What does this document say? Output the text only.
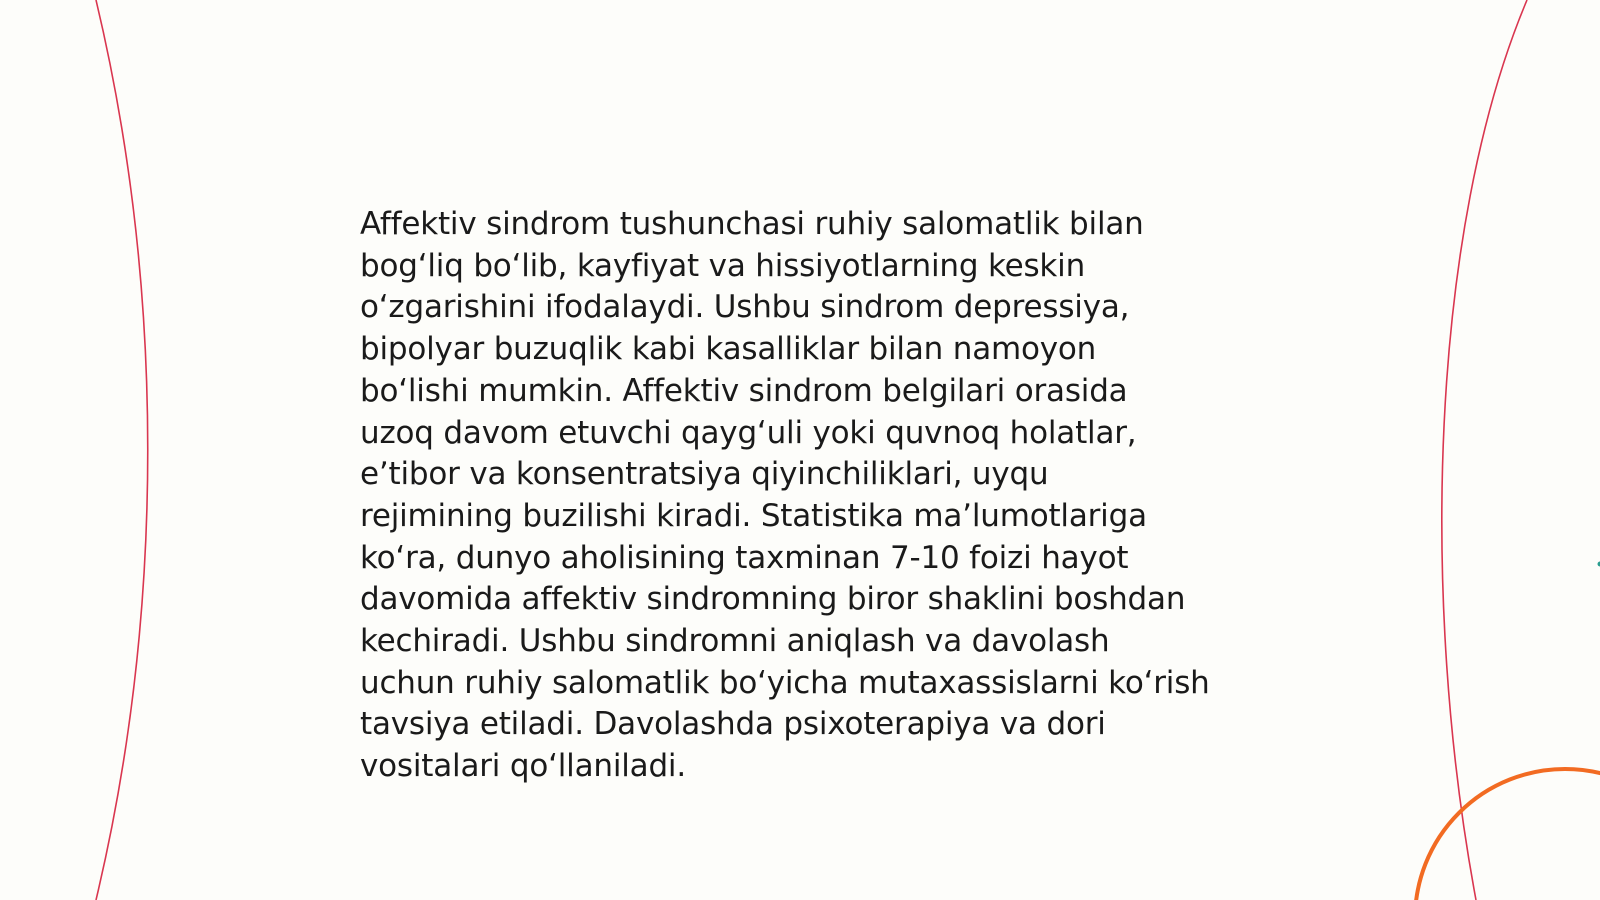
Affektiv sindrom tushunchasi ruhiy salomatlik bilan bog‘liq bo‘lib, kayfiyat va hissiyotlarning keskin o‘zgarishini ifodalaydi. Ushbu sindrom depressiya, bipolyar buzuqlik kabi kasalliklar bilan namoyon bo‘lishi mumkin. Affektiv sindrom belgilari orasida uzoq davom etuvchi qayg‘uli yoki quvnoq holatlar, e’tibor va konsentratsiya qiyinchiliklari, uyqu rejimining buzilishi kiradi. Statistika ma’lumotlariga ko‘ra, dunyo aholisining taxminan 7-10 foizi hayot davomida affektiv sindromning biror shaklini boshdan kechiradi. Ushbu sindromni aniqlash va davolash uchun ruhiy salomatlik bo‘yicha mutaxassislarni ko‘rish tavsiya etiladi. Davolashda psixoterapiya va dori vositalari qo‘llaniladi.
